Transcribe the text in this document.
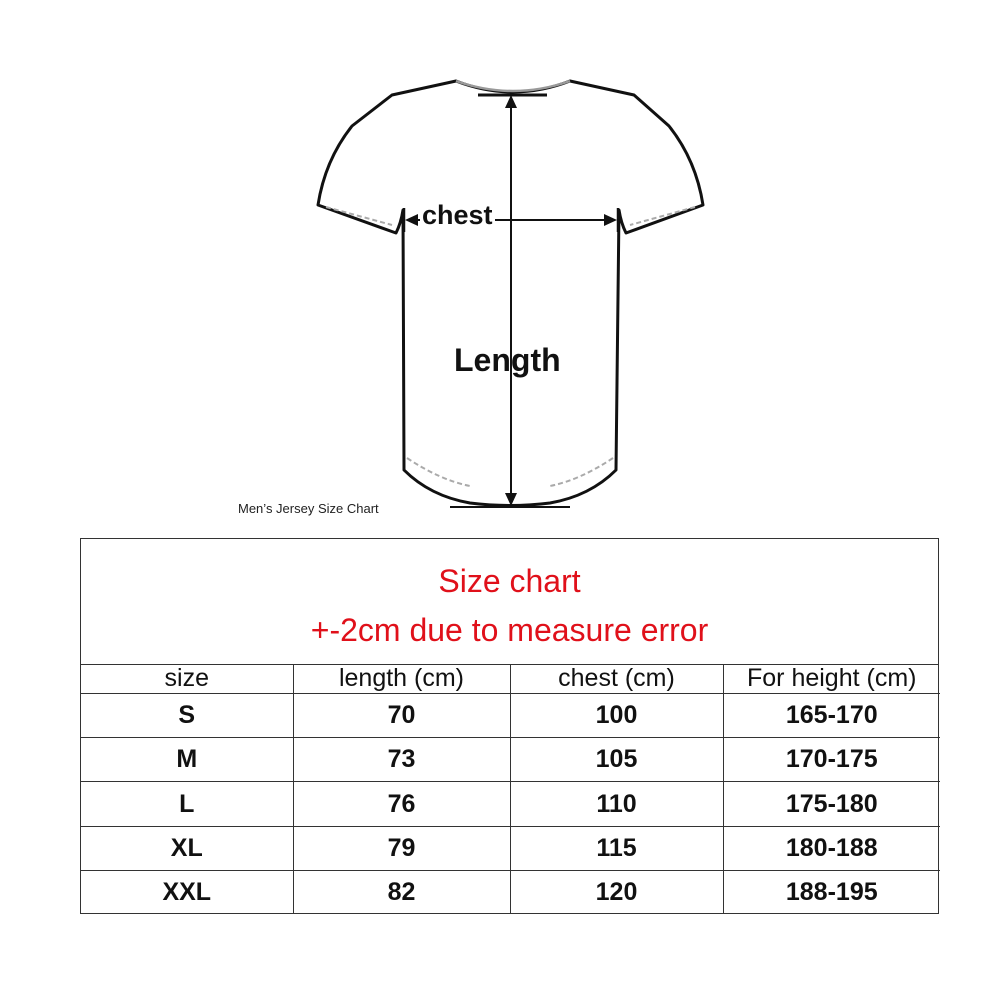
chest
Length
Men’s Jersey Size Chart
Size chart
+-2cm due to measure error
size	length (cm)	chest (cm)	For height (cm)
S	70	100	165-170
M	73	105	170-175
L	76	110	175-180
XL	79	115	180-188
XXL	82	120	188-195
